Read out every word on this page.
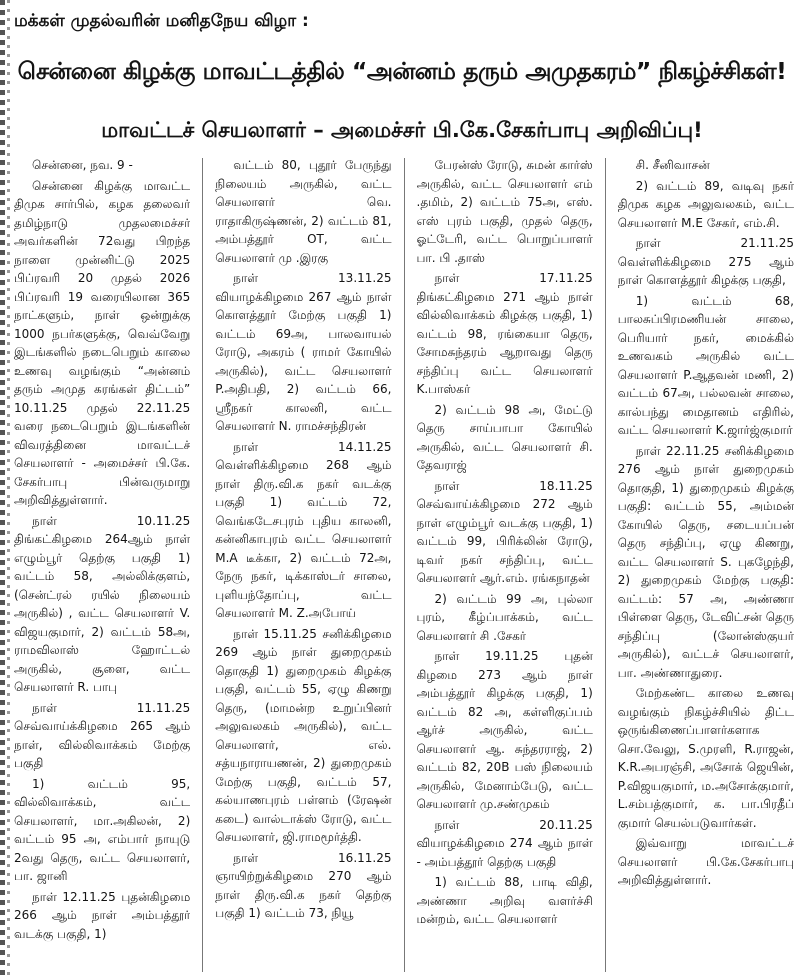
மக்கள் முதல்வரின் மனிதநேய விழா :
சென்னை கிழக்கு மாவட்டத்தில் “அன்னம் தரும் அமுதகரம்” நிகழ்ச்சிகள்!
மாவட்டச் செயலாளர் – அமைச்சர் பி.கே.சேகர்பாபு அறிவிப்பு!

சென்னை, நவ. 9 -

சென்னை கிழக்கு மாவட்ட திமுக சார்பில், கழக தலைவர் தமிழ்நாடு முதலமைச்சர் அவர்களின் 72வது பிறந்த நாளை முன்னிட்டு 2025 பிப்ரவரி 20 முதல் 2026 பிப்ரவரி 19 வரையிலான 365 நாட்களும், நாள் ஒன்றுக்கு 1000 நபர்களுக்கு, வெவ்வேறு இடங்களில் நடைபெறும் காலை உணவு வழங்கும் “அன்னம் தரும் அமுத கரங்கள் திட்டம்” 10.11.25 முதல் 22.11.25 வரை நடைபெறும் இடங்களின் விவரத்தினை மாவட்டச் செயலாளர் - அமைச்சர் பி.கே. சேகர்பாபு பின்வருமாறு அறிவித்துள்ளார்.

நாள் 10.11.25 திங்கட்கிழமை 264ஆம் நாள் எழும்பூர் தெற்கு பகுதி 1) வட்டம் 58, அல்லிக்குளம், (சென்ட்ரல் ரயில் நிலையம் அருகில்) , வட்ட செயலாளர் V. விஜயகுமார், 2) வட்டம் 58அ, ராமவிலாஸ் ஹோட்டல் அருகில், சூளை, வட்ட செயலாளர் R. பாபு

நாள் 11.11.25 செவ்வாய்க்கிழமை 265 ஆம் நாள், வில்லிவாக்கம் மேற்கு பகுதி

1) வட்டம் 95, வில்லிவாக்கம், வட்ட செயலாளர், மா.அகிலன், 2) வட்டம் 95 அ, எம்பார் நாயுடு 2வது தெரு, வட்ட செயலாளர், பா. ஜானி

நாள் 12.11.25 புதன்கிழமை 266 ஆம் நாள் அம்பத்தூர் வடக்கு பகுதி, 1)

வட்டம் 80, புதூர் பேருந்து நிலையம் அருகில், வட்ட செயலாளர் வெ. ராதாகிருஷ்ணன், 2) வட்டம் 81, அம்பத்தூர் OT, வட்ட செயலாளர் மு .இரகு

நாள் 13.11.25 வியாழக்கிழமை 267 ஆம் நாள் கொளத்தூர் மேற்கு பகுதி 1) வட்டம் 69அ, பாலவாயல் ரோடு, அகரம் ( ராமர் கோயில் அருகில்), வட்ட செயலாளர் P.அதிபதி, 2) வட்டம் 66, ஸ்ரீநகர் காலனி, வட்ட செயலாளர் N. ராமச்சந்திரன்

நாள் 14.11.25 வெள்ளிக்கிழமை 268 ஆம் நாள் திரு.வி.க நகர் வடக்கு பகுதி 1) வட்டம் 72, வெங்கடேசபுரம் புதிய காலனி, கன்னிகாபுரம் வட்ட செயலாளர் M.A டீக்கா, 2) வட்டம் 72அ, நேரு நகர், டிக்காஸ்டர் சாலை, புளியந்தோப்பு, வட்ட செயலாளர் M. Z.அபோய்

நாள் 15.11.25 சனிக்கிழமை 269 ஆம் நாள் துறைமுகம் தொகுதி 1) துறைமுகம் கிழக்கு பகுதி, வட்டம் 55, ஏழு கிணறு தெரு, (மாமன்ற உறுப்பினர் அலுவலகம் அருகில்), வட்ட செயலாளர், எல். சத்யநாராயணன், 2) துறைமுகம் மேற்கு பகுதி, வட்டம் 57, கல்யாணபுரம் பள்ளம் (ரேஷன் கடை) வால்டாக்ஸ் ரோடு, வட்ட செயலாளர், ஜி.ராமமூர்த்தி.

நாள் 16.11.25 ஞாயிற்றுக்கிழமை 270 ஆம் நாள் திரு.வி.க நகர் தெற்கு பகுதி 1) வட்டம் 73, நியூ

பேரன்ஸ் ரோடு, சுமன் கார்ஸ் அருகில், வட்ட செயலாளர் எம் .தமிம், 2) வட்டம் 75அ, எஸ். எஸ் புரம் பகுதி, முதல் தெரு, ஓட்டேரி, வட்ட பொறுப்பாளர் பா. பி .தாஸ்

நாள் 17.11.25 திங்கட்கிழமை 271 ஆம் நாள் வில்லிவாக்கம் கிழக்கு பகுதி, 1) வட்டம் 98, ரங்கையா தெரு, சோமசுந்தரம் ஆறாவது தெரு சந்திப்பு வட்ட செயலாளர் K.பாஸ்கர்

2) வட்டம் 98 அ, மேட்டு தெரு சாய்பாபா கோயில் அருகில், வட்ட செயலாளர் சி. தேவராஜ்

நாள் 18.11.25 செவ்வாய்க்கிழமை 272 ஆம் நாள் எழும்பூர் வடக்கு பகுதி, 1) வட்டம் 99, பிரிக்லின் ரோடு, டிவர் நகர் சந்திப்பு, வட்ட செயலாளர் ஆர்.எம். ரங்கநாதன்

2) வட்டம் 99 அ, புல்லா புரம், கீழ்ப்பாக்கம், வட்ட செயலாளர் சி .சேகர்

நாள் 19.11.25 புதன் கிழமை 273 ஆம் நாள் அம்பத்தூர் கிழக்கு பகுதி, 1) வட்டம் 82 அ, கள்ளிகுப்பம் ஆர்ச் அருகில், வட்ட செயலாளர் ஆ. சுந்தரராஜ், 2) வட்டம் 82, 20B பஸ் நிலையம் அருகில், மேனாம்பேடு, வட்ட செயலாளர் மு.சண்முகம்

நாள் 20.11.25 வியாழக்கிழமை 274 ஆம் நாள் - அம்பத்தூர் தெற்கு பகுதி

1) வட்டம் 88, பாடி விதி, அண்ணா அறிவு வளர்ச்சி மன்றம், வட்ட செயலாளர்

சி. சீனிவாசன்

2) வட்டம் 89, வடிவு நகர் திமுக கழக அலுவலகம், வட்ட செயலாளர் M.E சேகர், எம்.சி.

நாள் 21.11.25 வெள்ளிக்கிழமை 275 ஆம் நாள் கொளத்தூர் கிழக்கு பகுதி,

1) வட்டம் 68, பாலசுப்பிரமணியன் சாலை, பெரியார் நகர், மைக்கில் உணவகம் அருகில் வட்ட செயலாளர் P.ஆதவன் மணி, 2) வட்டம் 67அ, பல்லவன் சாலை, கால்பந்து மைதானம் எதிரில், வட்ட செயலாளர் K.ஜார்ஜ்குமார்

நாள் 22.11.25 சனிக்கிழமை 276 ஆம் நாள் துறைமுகம் தொகுதி, 1) துறைமுகம் கிழக்கு பகுதி: வட்டம் 55, அம்மன் கோயில் தெரு, சடையப்பன் தெரு சந்திப்பு, ஏழு கிணறு, வட்ட செயலாளர் S. புகழேந்தி, 2) துறைமுகம் மேற்கு பகுதி: வட்டம்: 57 அ, அண்ணா பிள்ளை தெரு, டேவிட்சன் தெரு சந்திப்பு (லோன்ஸ்குயர் அருகில்), வட்டச் செயலாளர், பா. அண்ணாதுரை.

மேற்கண்ட காலை உணவு வழங்கும் நிகழ்ச்சியில் திட்ட ஒருங்கிணைப்பாளர்களாக சொ.வேலு, S.முரளி, R.ராஜன், K.R.அபரஞ்சி, அசோக் ஜெயின், P.விஜயகுமார், ம.அசோக்குமார், L.சம்பத்குமார், க. பா.பிரதீப் குமார் செயல்படுவார்கள்.

இவ்வாறு மாவட்டச் செயலாளர் பி.கே.சேகர்பாபு அறிவித்துள்ளார்.
